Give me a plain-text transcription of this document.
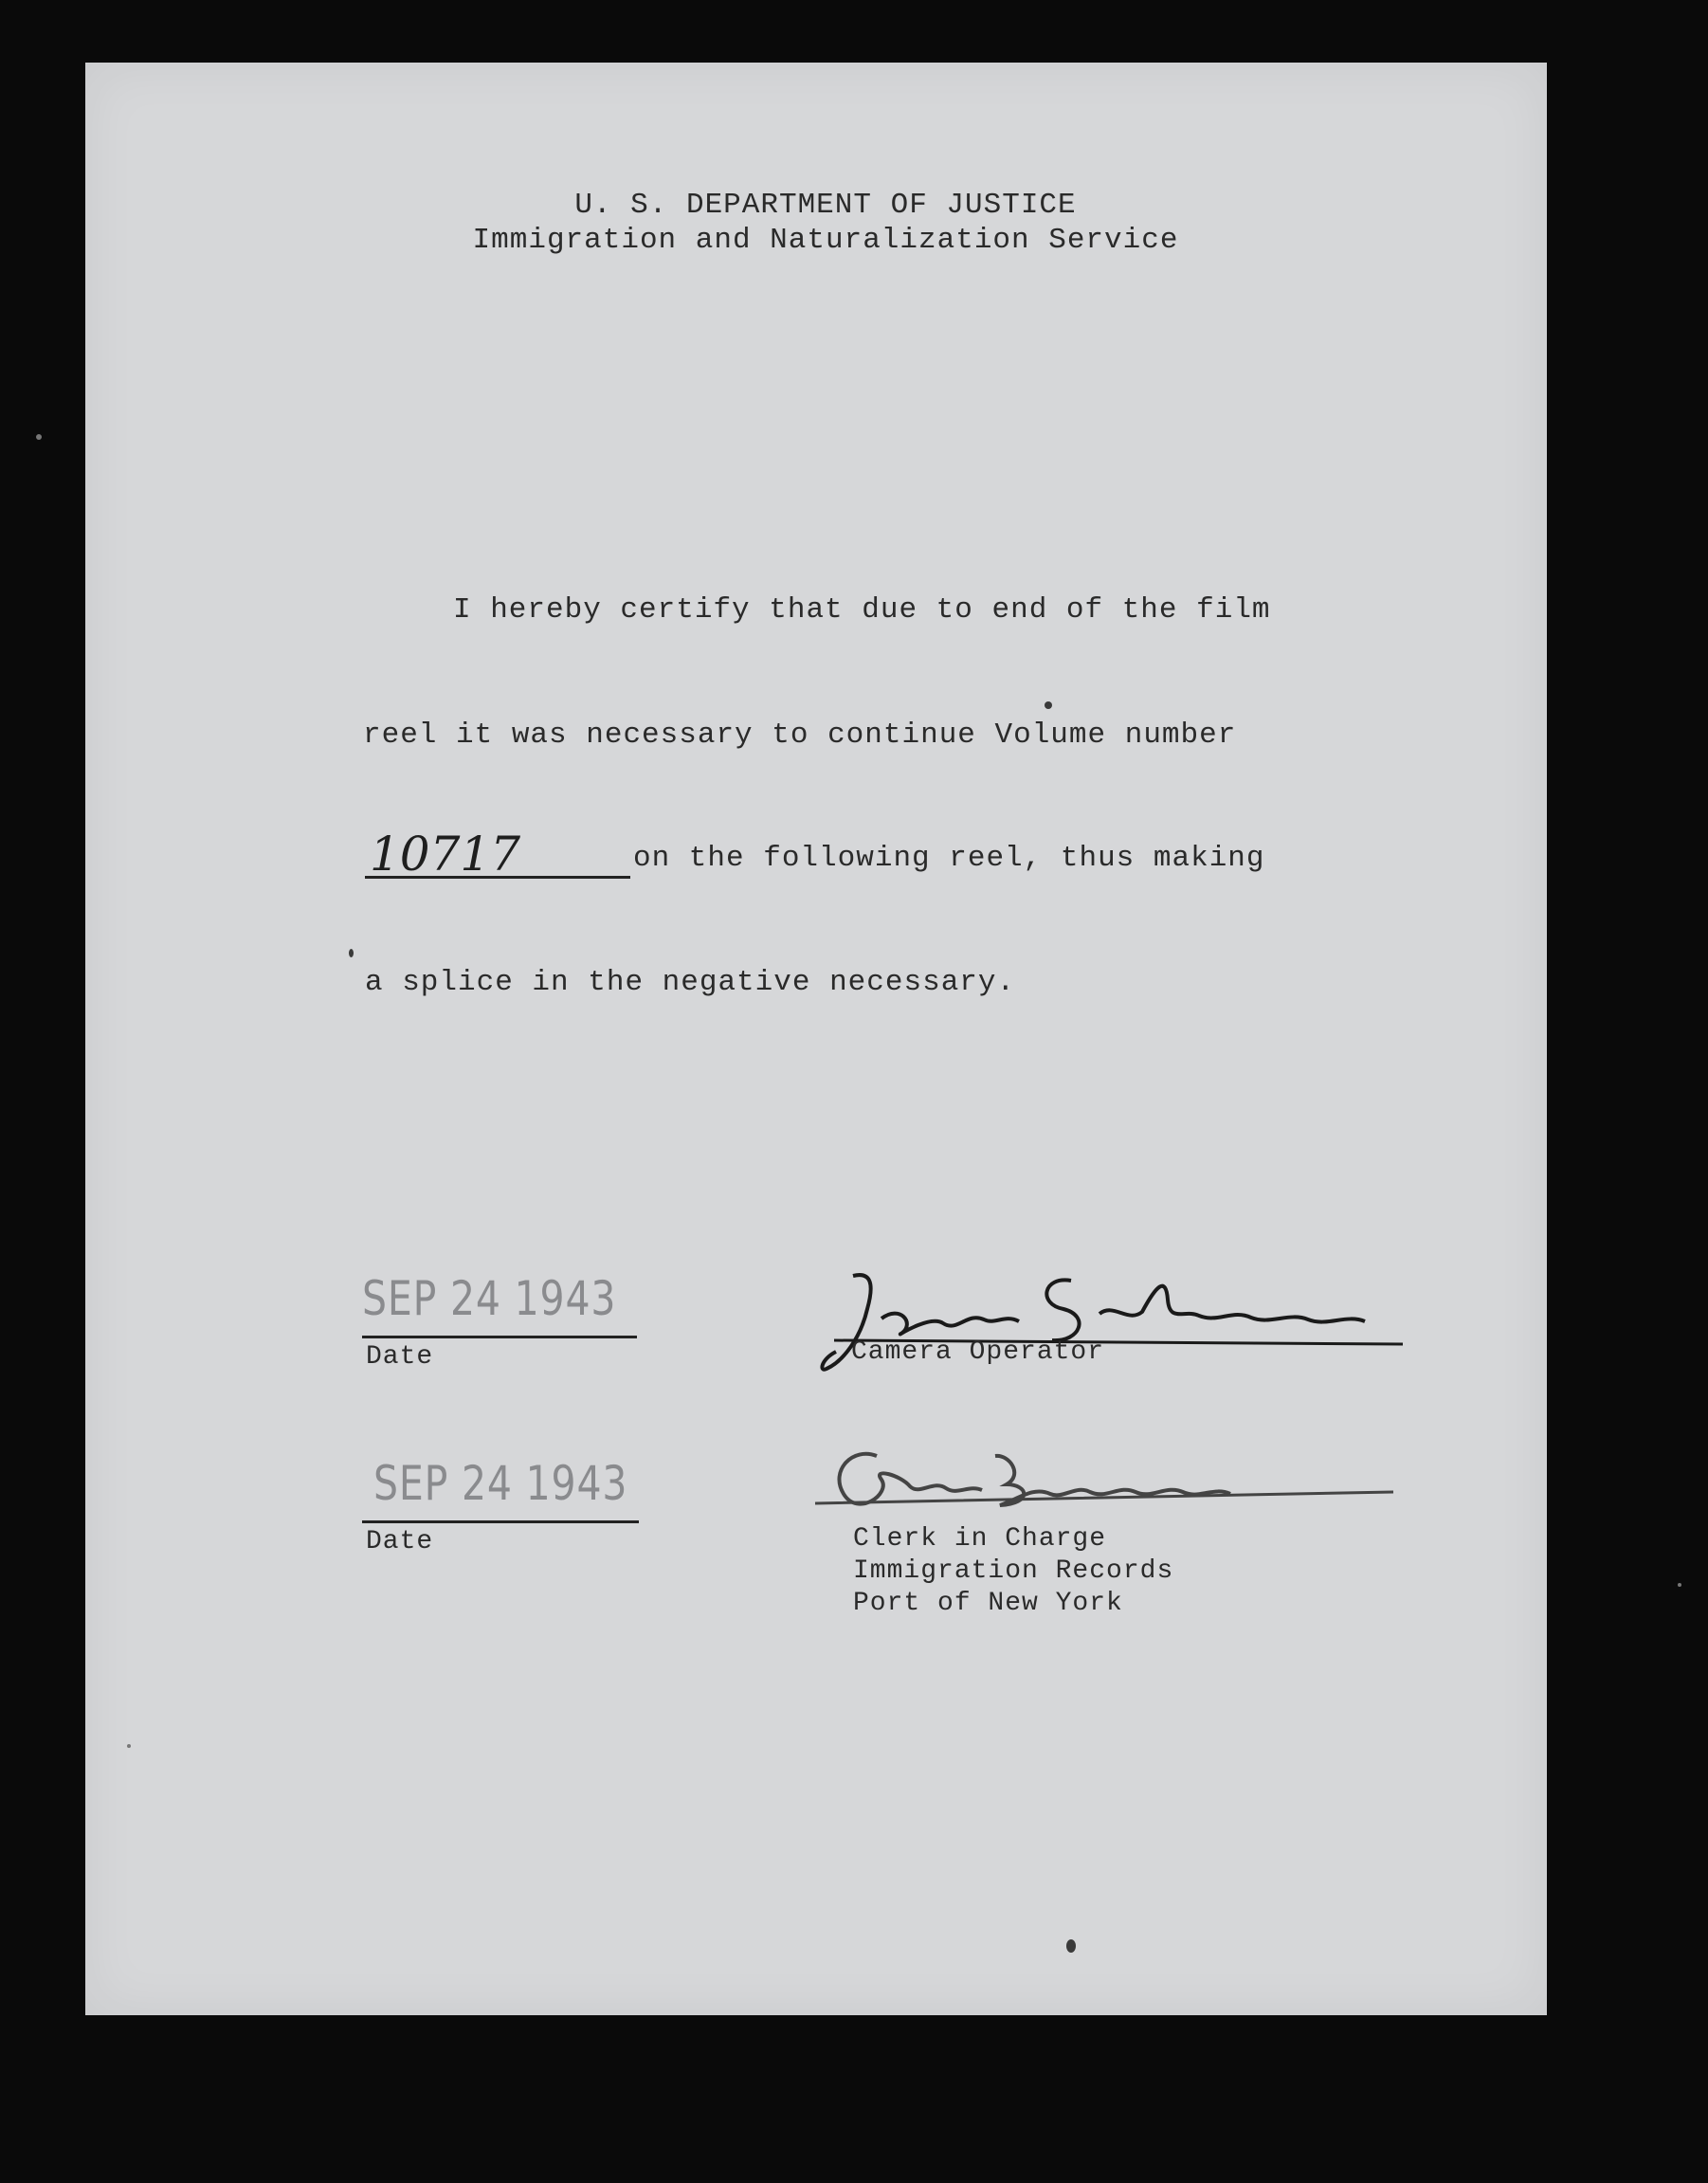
U. S. DEPARTMENT OF JUSTICE
Immigration and Naturalization Service
I hereby certify that due to end of the film
reel it was necessary to continue Volume number
10717	on the following reel, thus making
a splice in the negative necessary.
SEP 24 1943
Date	Camera Operator
SEP 24 1943
Date	Clerk in Charge
Immigration Records
Port of New York
